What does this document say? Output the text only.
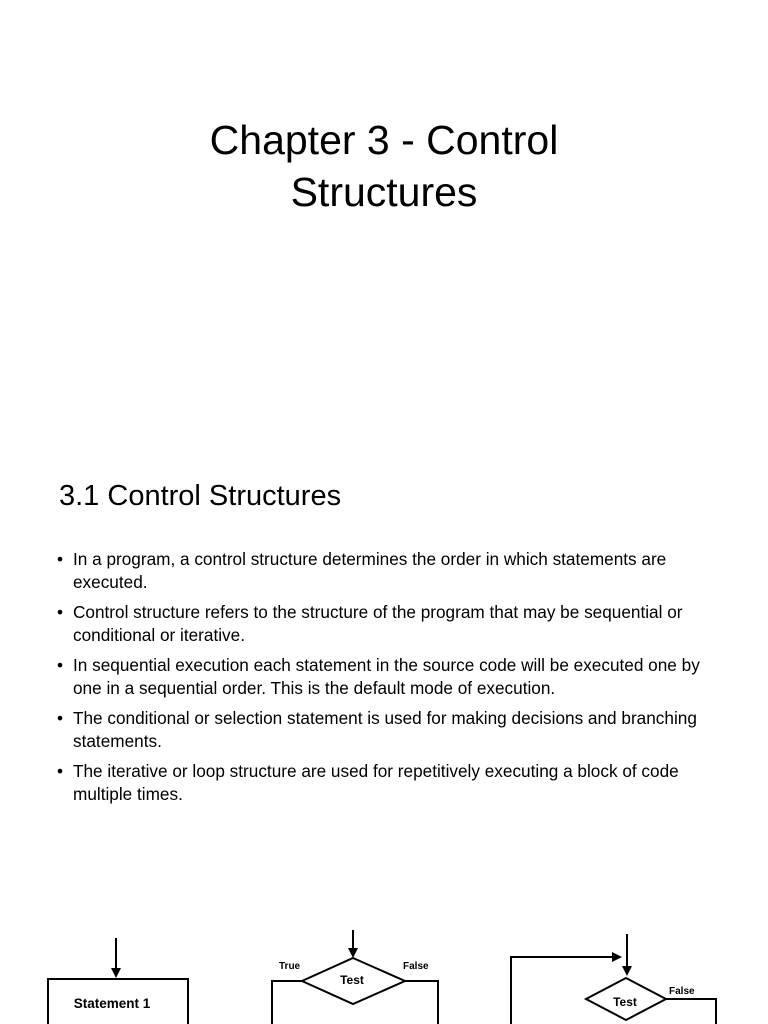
Chapter 3 - Control
Structures
3.1 Control Structures
• In a program, a control structure determines the order in which statements are executed.
• Control structure refers to the structure of the program that may be sequential or conditional or iterative.
• In sequential execution each statement in the source code will be executed one by one in a sequential order. This is the default mode of execution.
• The conditional or selection statement is used for making decisions and branching statements.
• The iterative or loop structure are used for repetitively executing a block of code multiple times.
Statement 1
Test
True	False
Test
False
